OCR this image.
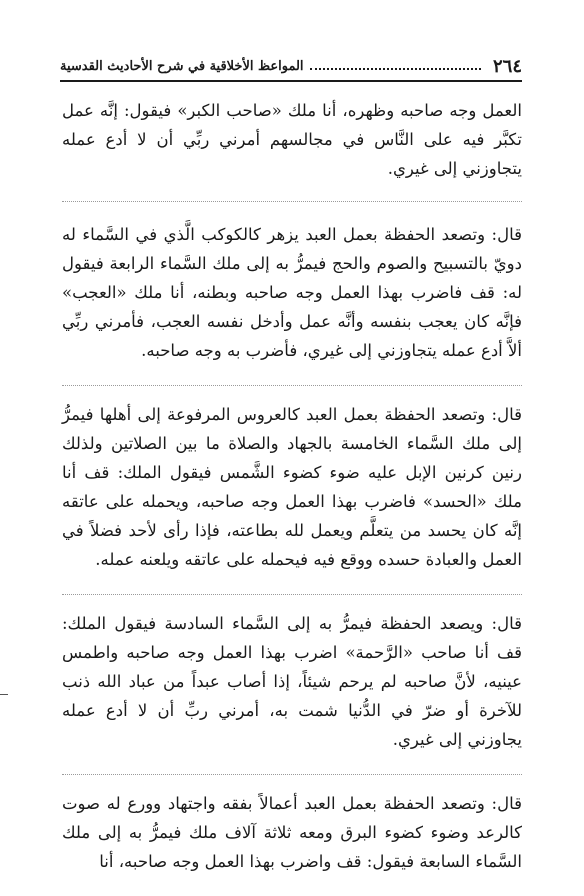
٢٦٤
المواعظ الأخلاقية في شرح الأحاديث القدسية

العمل وجه صاحبه وظهره، أنا ملك «صاحب الكبر» فيقول: إنَّه عمل تكبَّر فيه على النَّاس في مجالسهم أمرني ربِّي أن لا أدع عمله يتجاوزني إلى غيري.

قال: وتصعد الحفظة بعمل العبد يزهر كالكوكب الَّذي في السَّماء له دويّ بالتسبيح والصوم والحج فيمرُّ به إلى ملك السَّماء الرابعة فيقول له: قف فاضرب بهذا العمل وجه صاحبه وبطنه، أنا ملك «العجب» فإنَّه كان يعجب بنفسه وأنَّه عمل وأدخل نفسه العجب، فأمرني ربِّي ألاَّ أدع عمله يتجاوزني إلى غيري، فأضرب به وجه صاحبه.

قال: وتصعد الحفظة بعمل العبد كالعروس المرفوعة إلى أهلها فيمرُّ إلى ملك السَّماء الخامسة بالجهاد والصلاة ما بين الصلاتين ولذلك رنين كرنين الإبل عليه ضوء كضوء الشَّمس فيقول الملك: قف أنا ملك «الحسد» فاضرب بهذا العمل وجه صاحبه، ويحمله على عاتقه إنَّه كان يحسد من يتعلَّم ويعمل لله بطاعته، فإذا رأى لأحد فضلاً في العمل والعبادة حسده ووقع فيه فيحمله على عاتقه ويلعنه عمله.

قال: ويصعد الحفظة فيمرُّ به إلى السَّماء السادسة فيقول الملك: قف أنا صاحب «الرَّحمة» اضرب بهذا العمل وجه صاحبه واطمس عينيه، لأنَّ صاحبه لم يرحم شيئاً، إذا أصاب عبداً من عباد الله ذنب للآخرة أو ضرّ في الدُّنيا شمت به، أمرني ربِّ أن لا أدع عمله يجاوزني إلى غيري.

قال: وتصعد الحفظة بعمل العبد أعمالاً بفقه واجتهاد وورع له صوت كالرعد وضوء كضوء البرق ومعه ثلاثة آلاف ملك فيمرُّ به إلى ملك السَّماء السابعة فيقول: قف واضرب بهذا العمل وجه صاحبه، أنا
